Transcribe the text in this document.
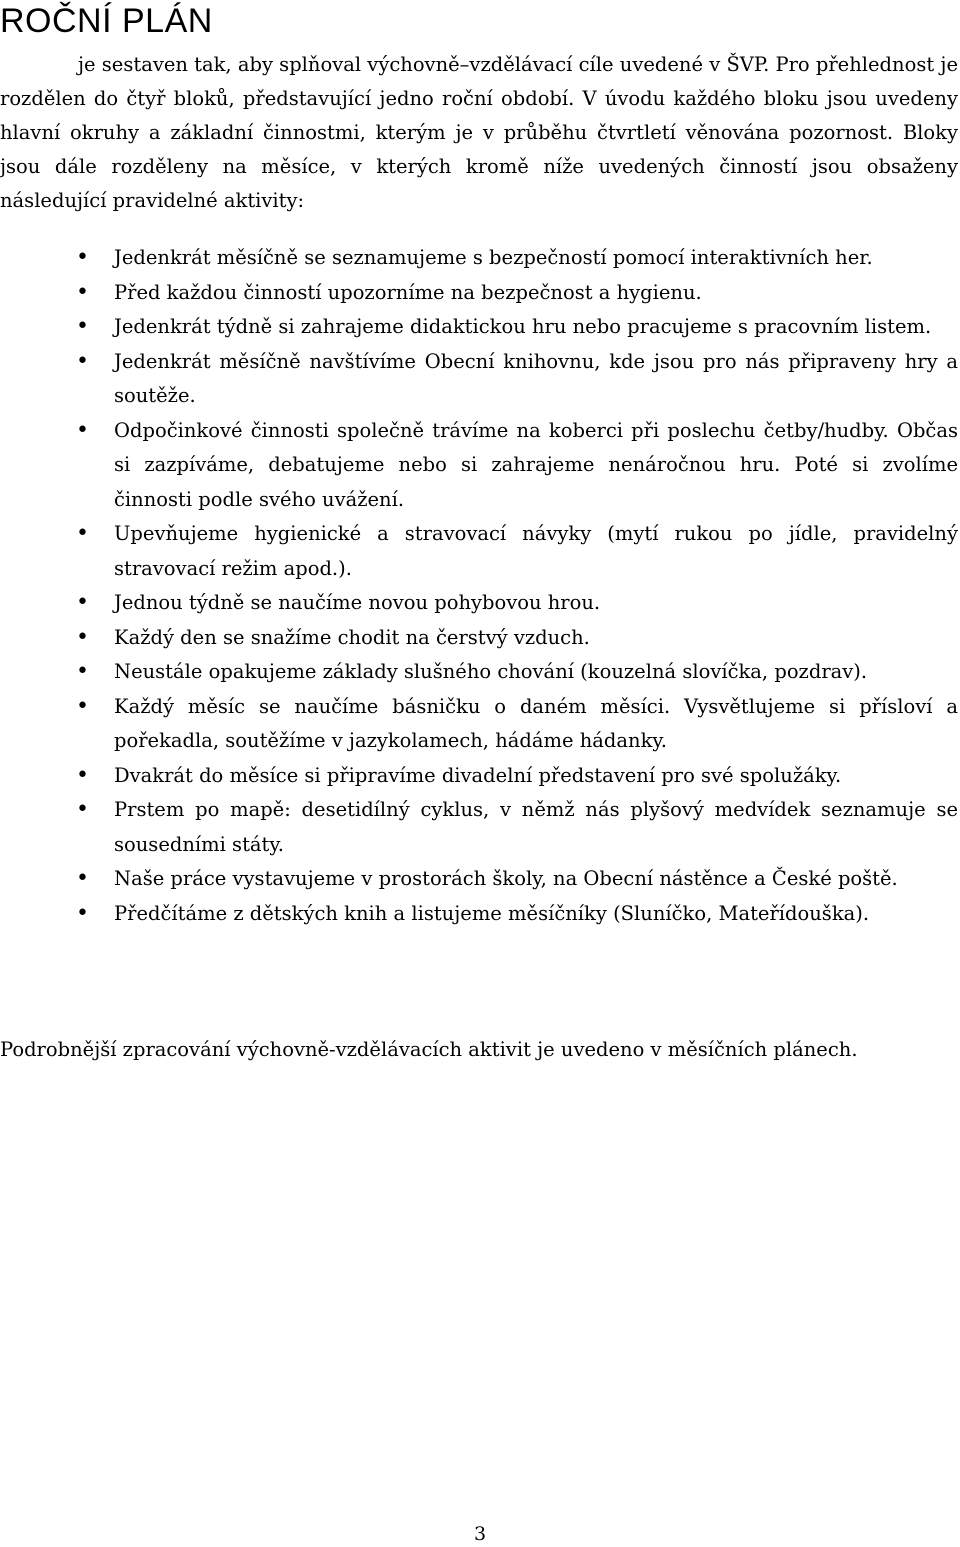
ROČNÍ PLÁN

je sestaven tak, aby splňoval výchovně–vzdělávací cíle uvedené v ŠVP. Pro přehlednost je rozdělen do čtyř bloků, představující jedno roční období. V úvodu každého bloku jsou uvedeny hlavní okruhy a základní činnostmi, kterým je v průběhu čtvrtletí věnována pozornost. Bloky jsou dále rozděleny na měsíce, v kterých kromě níže uvedených činností jsou obsaženy následující pravidelné aktivity:

• Jedenkrát měsíčně se seznamujeme s bezpečností pomocí interaktivních her.
• Před každou činností upozorníme na bezpečnost a hygienu.
• Jedenkrát týdně si zahrajeme didaktickou hru nebo pracujeme s pracovním listem.
• Jedenkrát měsíčně navštívíme Obecní knihovnu, kde jsou pro nás připraveny hry a soutěže.
• Odpočinkové činnosti společně trávíme na koberci při poslechu četby/hudby. Občas si zazpíváme, debatujeme nebo si zahrajeme nenáročnou hru. Poté si zvolíme činnosti podle svého uvážení.
• Upevňujeme hygienické a stravovací návyky (mytí rukou po jídle, pravidelný stravovací režim apod.).
• Jednou týdně se naučíme novou pohybovou hrou.
• Každý den se snažíme chodit na čerstvý vzduch.
• Neustále opakujeme základy slušného chování (kouzelná slovíčka, pozdrav).
• Každý měsíc se naučíme básničku o daném měsíci. Vysvětlujeme si přísloví a pořekadla, soutěžíme v jazykolamech, hádáme hádanky.
• Dvakrát do měsíce si připravíme divadelní představení pro své spolužáky.
• Prstem po mapě: desetidílný cyklus, v němž nás plyšový medvídek seznamuje se sousedními státy.
• Naše práce vystavujeme v prostorách školy, na Obecní nástěnce a České poště.
• Předčítáme z dětských knih a listujeme měsíčníky (Sluníčko, Mateřídouška).

Podrobnější zpracování výchovně-vzdělávacích aktivit je uvedeno v měsíčních plánech.

3
